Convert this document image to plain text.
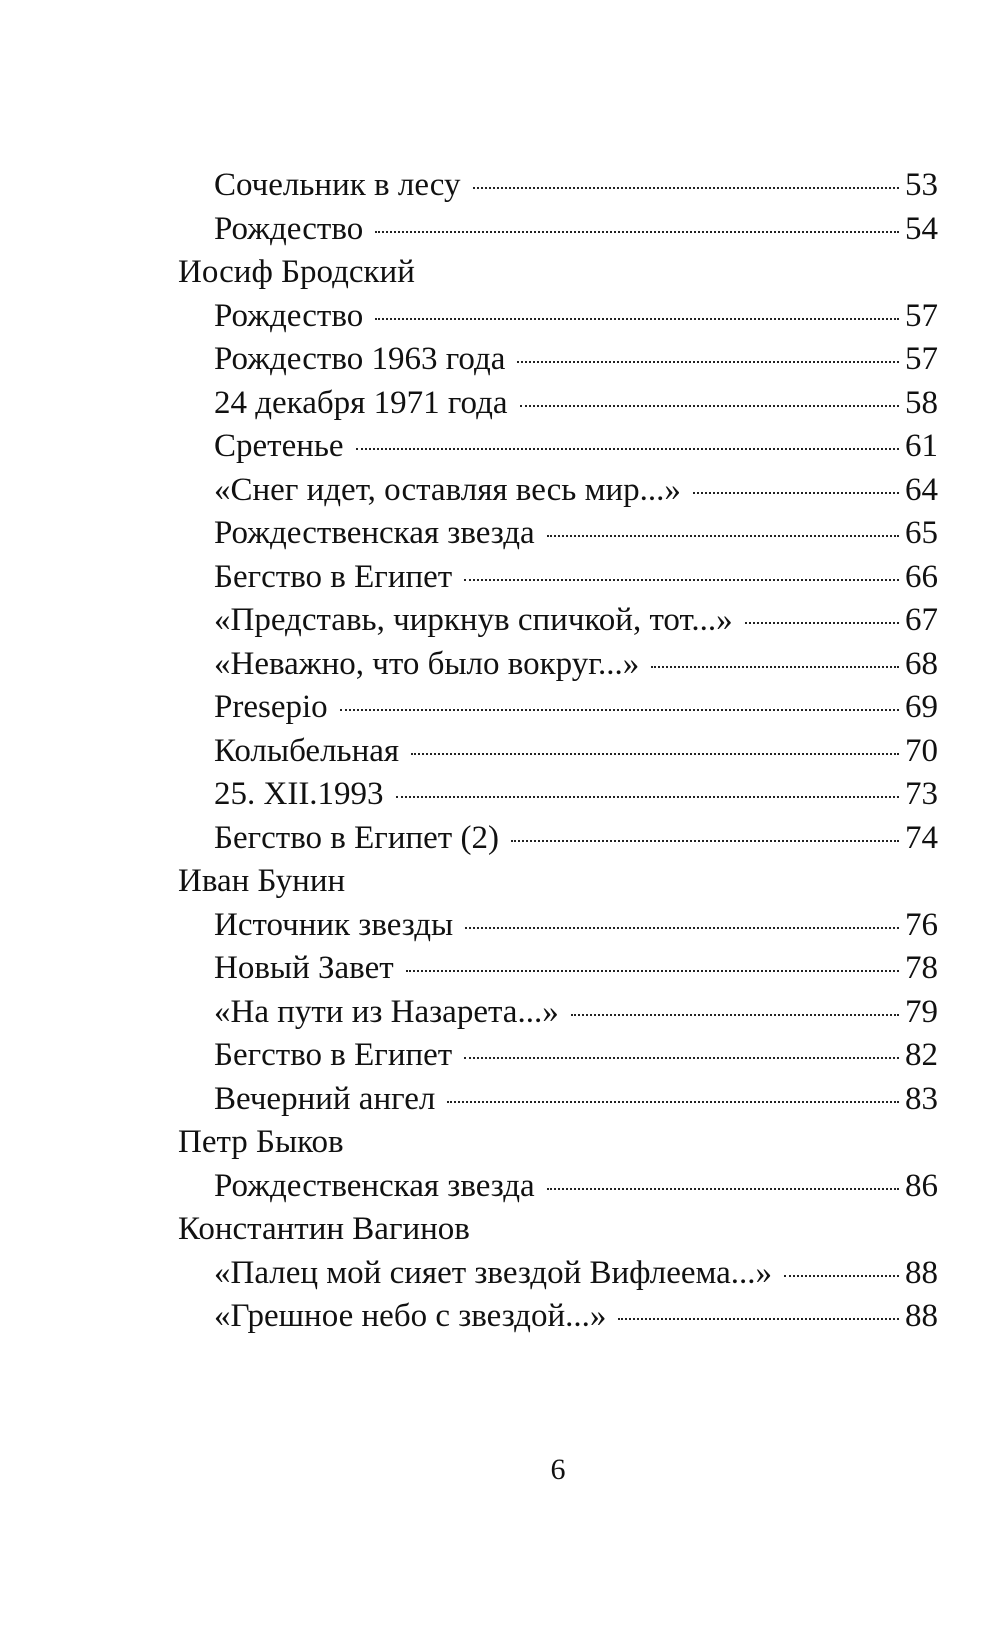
Сочельник в лесу	53
Рождество	54
Иосиф Бродский
Рождество	57
Рождество 1963 года	57
24 декабря 1971 года	58
Сретенье	61
«Снег идет, оставляя весь мир...»	64
Рождественская звезда	65
Бегство в Египет	66
«Представь, чиркнув спичкой, тот...»	67
«Неважно, что было вокруг...»	68
Presepio	69
Колыбельная	70
25. XII.1993	73
Бегство в Египет (2)	74
Иван Бунин
Источник звезды	76
Новый Завет	78
«На пути из Назарета...»	79
Бегство в Египет	82
Вечерний ангел	83
Петр Быков
Рождественская звезда	86
Константин Вагинов
«Палец мой сияет звездой Вифлеема...»	88
«Грешное небо с звездой...»	88
6
